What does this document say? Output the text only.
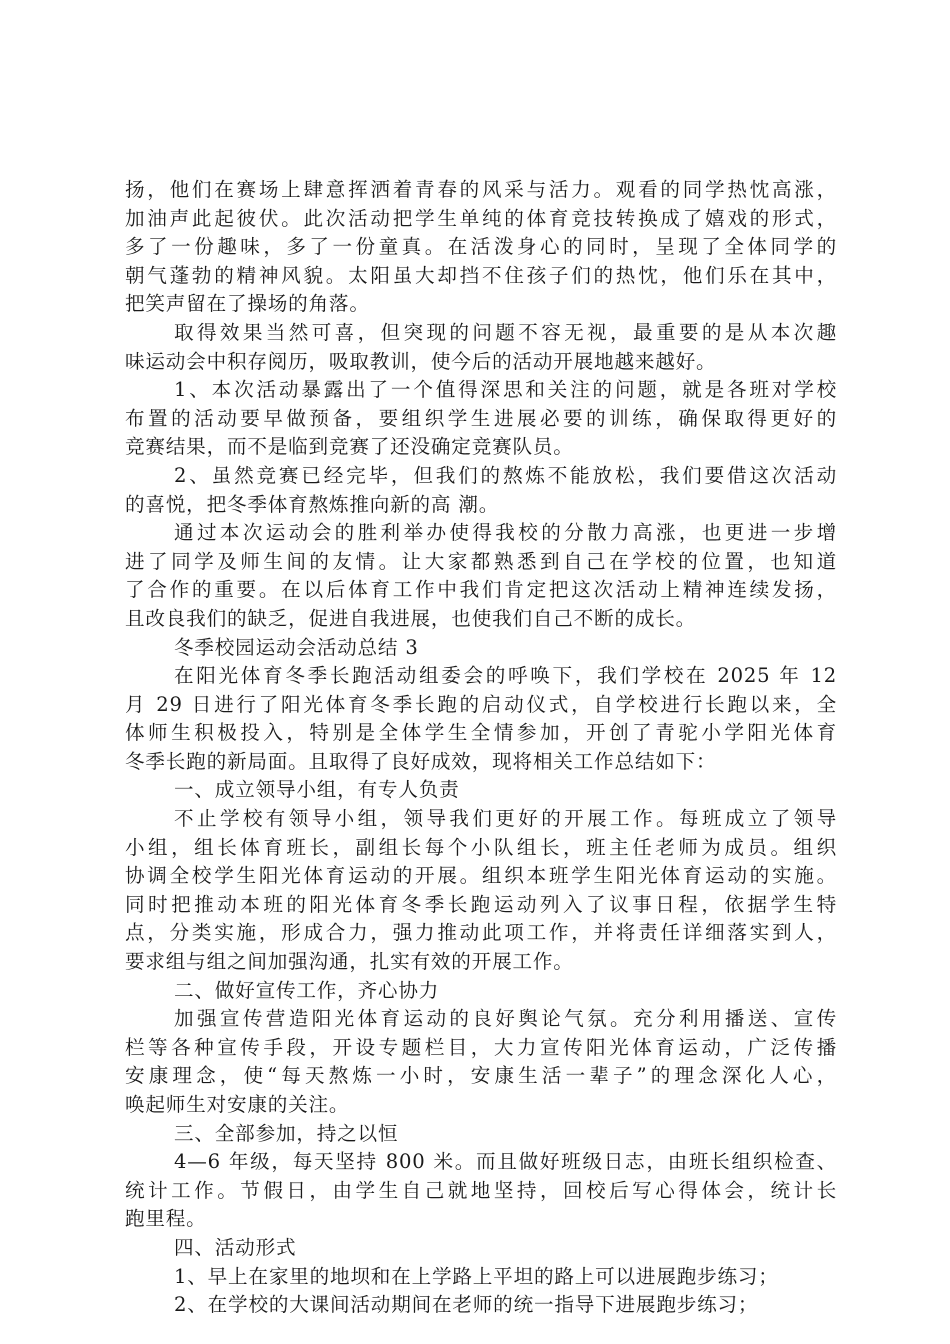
扬，他们在赛场上肆意挥洒着青春的风采与活力。观看的同学热忱高涨，
加油声此起彼伏。此次活动把学生单纯的体育竞技转换成了嬉戏的形式，
多了一份趣味，多了一份童真。在活泼身心的同时，呈现了全体同学的
朝气蓬勃的精神风貌。太阳虽大却挡不住孩子们的热忱，他们乐在其中，
把笑声留在了操场的角落。
取得效果当然可喜，但突现的问题不容无视，最重要的是从本次趣
味运动会中积存阅历，吸取教训，使今后的活动开展地越来越好。
1、本次活动暴露出了一个值得深思和关注的问题，就是各班对学校
布置的活动要早做预备，要组织学生进展必要的训练，确保取得更好的
竞赛结果，而不是临到竞赛了还没确定竞赛队员。
2、虽然竞赛已经完毕，但我们的熬炼不能放松，我们要借这次活动
的喜悦，把冬季体育熬炼推向新的高 潮。
通过本次运动会的胜利举办使得我校的分散力高涨，也更进一步增
进了同学及师生间的友情。让大家都熟悉到自己在学校的位置，也知道
了合作的重要。在以后体育工作中我们肯定把这次活动上精神连续发扬，
且改良我们的缺乏，促进自我进展，也使我们自己不断的成长。
冬季校园运动会活动总结 3
在阳光体育冬季长跑活动组委会的呼唤下，我们学校在 2025 年 12
月 29 日进行了阳光体育冬季长跑的启动仪式，自学校进行长跑以来，全
体师生积极投入，特别是全体学生全情参加，开创了青驼小学阳光体育
冬季长跑的新局面。且取得了良好成效，现将相关工作总结如下：
一、成立领导小组，有专人负责
不止学校有领导小组，领导我们更好的开展工作。每班成立了领导
小组，组长体育班长，副组长每个小队组长，班主任老师为成员。组织
协调全校学生阳光体育运动的开展。组织本班学生阳光体育运动的实施。
同时把推动本班的阳光体育冬季长跑运动列入了议事日程，依据学生特
点，分类实施，形成合力，强力推动此项工作，并将责任详细落实到人，
要求组与组之间加强沟通，扎实有效的开展工作。
二、做好宣传工作，齐心协力
加强宣传营造阳光体育运动的良好舆论气氛。充分利用播送、宣传
栏等各种宣传手段，开设专题栏目，大力宣传阳光体育运动，广泛传播
安康理念，使“每天熬炼一小时，安康生活一辈子”的理念深化人心，
唤起师生对安康的关注。
三、全部参加，持之以恒
4—6 年级，每天坚持 800 米。而且做好班级日志，由班长组织检查、
统计工作。节假日，由学生自己就地坚持，回校后写心得体会，统计长
跑里程。
四、活动形式
1、早上在家里的地坝和在上学路上平坦的路上可以进展跑步练习；
2、在学校的大课间活动期间在老师的统一指导下进展跑步练习；
